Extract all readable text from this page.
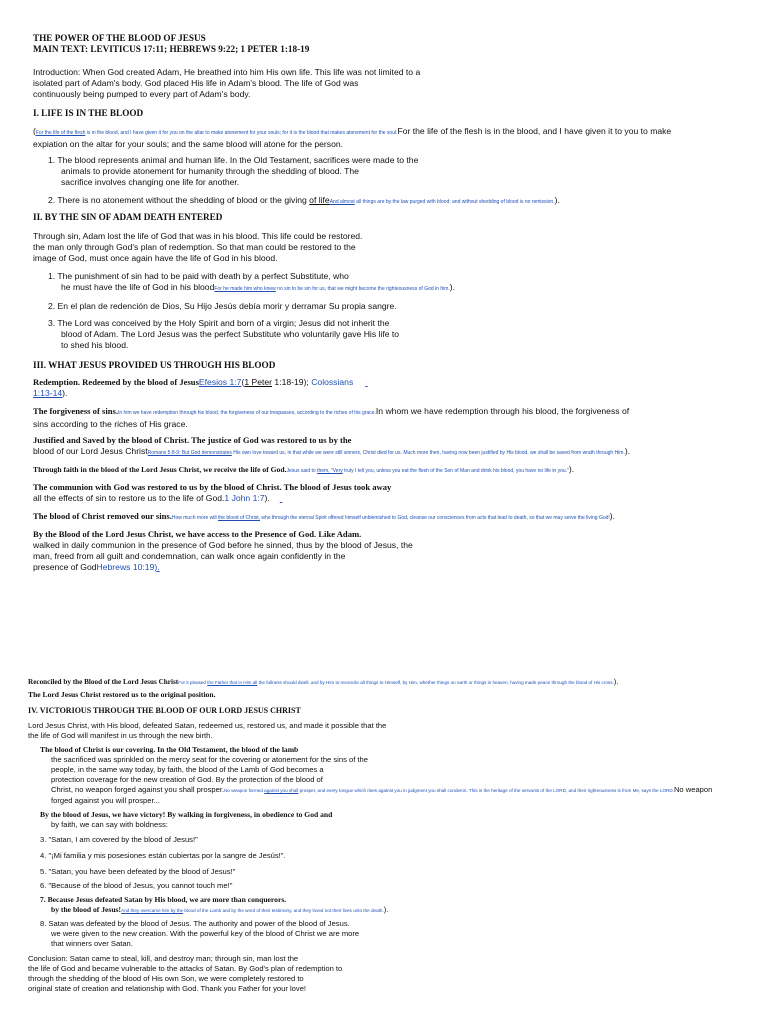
THE POWER OF THE BLOOD OF JESUS
MAIN TEXT: LEVITICUS 17:11; HEBREWS 9:22; 1 PETER 1:18-19
Introduction: When God created Adam, He breathed into him His own life. This life was not limited to a
isolated part of Adam's body. God placed His life in Adam's blood. The life of God was
continuously being pumped to every part of Adam's body.
I. LIFE IS IN THE BLOOD
(For the life of the flesh is in the blood, and I have given it for you on the altar to make atonement for your souls; for it is the blood that makes atonement for the soul.For the life of the flesh is in the blood, and I have given it to you to make
expiation on the altar for your souls; and the same blood will atone for the person.
1. The blood represents animal and human life. In the Old Testament, sacrifices were made to the
animals to provide atonement for humanity through the shedding of blood. The
sacrifice involves changing one life for another.
2. There is no atonement without the shedding of blood or the giving of lifeAnd almost all things are by the law purged with blood; and without shedding of blood is no remission.).
II. BY THE SIN OF ADAM DEATH ENTERED
Through sin, Adam lost the life of God that was in his blood. This life could be restored.
the man only through God's plan of redemption. So that man could be restored to the
image of God, must once again have the life of God in his blood.
1. The punishment of sin had to be paid with death by a perfect Substitute, who
he must have the life of God in his bloodFor he made him who knew no sin to be sin for us, that we might become the righteousness of God in him.).
2. En el plan de redención de Dios, Su Hijo Jesús debía morir y derramar Su propia sangre.
3. The Lord was conceived by the Holy Spirit and born of a virgin; Jesus did not inherit the
blood of Adam. The Lord Jesus was the perfect Substitute who voluntarily gave His life to
to shed his blood.
III. WHAT JESUS PROVIDED US THROUGH HIS BLOOD
Redemption. Redeemed by the blood of JesusEfesios 1:7(1 Peter 1:18-19); Colossians
1:13-14).
The forgiveness of sins.In him we have redemption through his blood, the forgiveness of our trespasses, according to the riches of his grace.In whom we have redemption through his blood, the forgiveness of
sins according to the riches of His grace.
Justified and Saved by the blood of Christ. The justice of God was restored to us by the
blood of our Lord Jesus ChristRomans 5:8-9: But God demonstrates His own love toward us, in that while we were still sinners, Christ died for us. Much more then, having now been justified by His blood, we shall be saved from wrath through Him.).
Through faith in the blood of the Lord Jesus Christ, we receive the life of God.Jesus said to them, "Very truly I tell you, unless you eat the flesh of the Son of Man and drink his blood, you have no life in you.").
The communion with God was restored to us by the blood of Christ. The blood of Jesus took away
all the effects of sin to restore us to the life of God.1 John 1:7).
The blood of Christ removed our sins.How much more will the blood of Christ, who through the eternal Spirit offered himself unblemished to God, cleanse our consciences from acts that lead to death, so that we may serve the living God!).
By the Blood of the Lord Jesus Christ, we have access to the Presence of God. Like Adam.
walked in daily communion in the presence of God before he sinned, thus by the blood of Jesus, the
man, freed from all guilt and condemnation, can walk once again confidently in the
presence of GodHebrews 10:19).
Reconciled by the Blood of the Lord Jesus ChristFor it pleased the Father that in Him all the fullness should dwell, and by Him to reconcile all things to Himself, by Him, whether things on earth or things in heaven, having made peace through the blood of His cross.).
The Lord Jesus Christ restored us to the original position.
IV. VICTORIOUS THROUGH THE BLOOD OF OUR LORD JESUS CHRIST
Lord Jesus Christ, with His blood, defeated Satan, redeemed us, restored us, and made it possible that the
the life of God will manifest in us through the new birth.
The blood of Christ is our covering. In the Old Testament, the blood of the lamb
the sacrificed was sprinkled on the mercy seat for the covering or atonement for the sins of the
people, in the same way today, by faith, the blood of the Lamb of God becomes a
protection coverage for the new creation of God. By the protection of the blood of
Christ, no weapon forged against you shall prosper.No weapon formed against you shall prosper, and every tongue which rises against you in judgment you shall condemn. This is the heritage of the servants of the LORD, and their righteousness is from Me, says the LORD.No weapon
forged against you will prosper...
By the blood of Jesus, we have victory! By walking in forgiveness, in obedience to God and
by faith, we can say with boldness:
3. "Satan, I am covered by the blood of Jesus!"
4. "¡Mi familia y mis posesiones están cubiertas por la sangre de Jesús!".
5. "Satan, you have been defeated by the blood of Jesus!"
6. "Because of the blood of Jesus, you cannot touch me!"
7. Because Jesus defeated Satan by His blood, we are more than conquerors.
by the blood of Jesus!And they overcame him by the blood of the Lamb and by the word of their testimony, and they loved not their lives unto the death.).
8. Satan was defeated by the blood of Jesus. The authority and power of the blood of Jesus.
we were given to the new creation. With the powerful key of the blood of Christ we are more
that winners over Satan.
Conclusion: Satan came to steal, kill, and destroy man; through sin, man lost the
the life of God and became vulnerable to the attacks of Satan. By God's plan of redemption to
through the shedding of the blood of His own Son, we were completely restored to
original state of creation and relationship with God. Thank you Father for your love!
